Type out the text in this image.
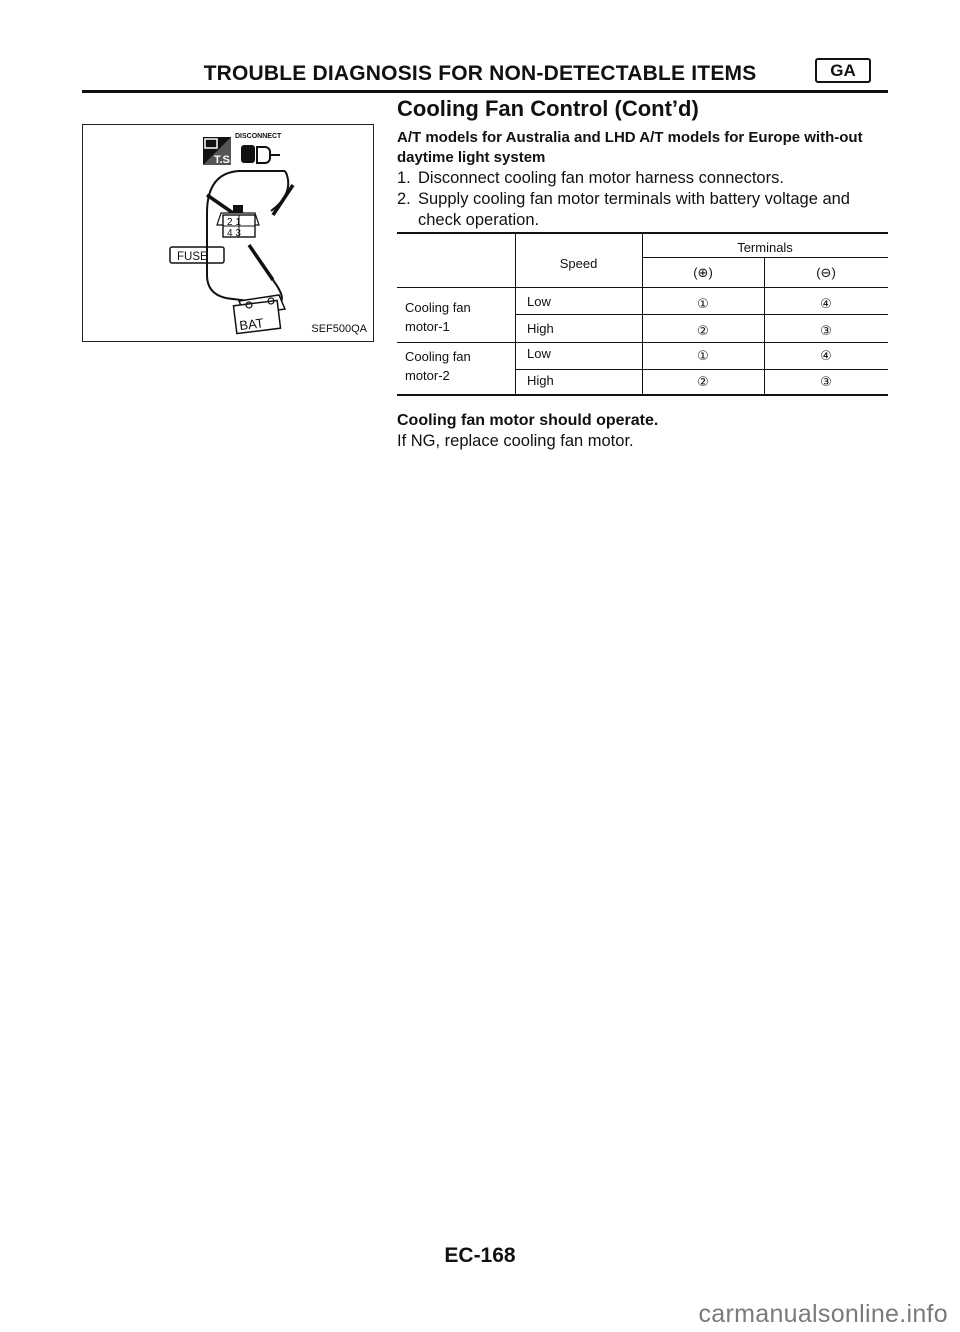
TROUBLE DIAGNOSIS FOR NON-DETECTABLE ITEMS	GA
Cooling Fan Control (Cont’d)
T.S.
DISCONNECT
FUSE
2 1
4 3
BAT	SEF500QA
A/T models for Australia and LHD A/T models for Europe with-out daytime light system
1. Disconnect cooling fan motor harness connectors.
2. Supply cooling fan motor terminals with battery voltage and check operation.
Speed
Terminals
(⊕)	(⊖)
Cooling fan
motor-1
Low	①	④
High	②	③
Cooling fan
motor-2
Low	①	④
High	②	③
Cooling fan motor should operate.
If NG, replace cooling fan motor.
EC-168
carmanualsonline.info
